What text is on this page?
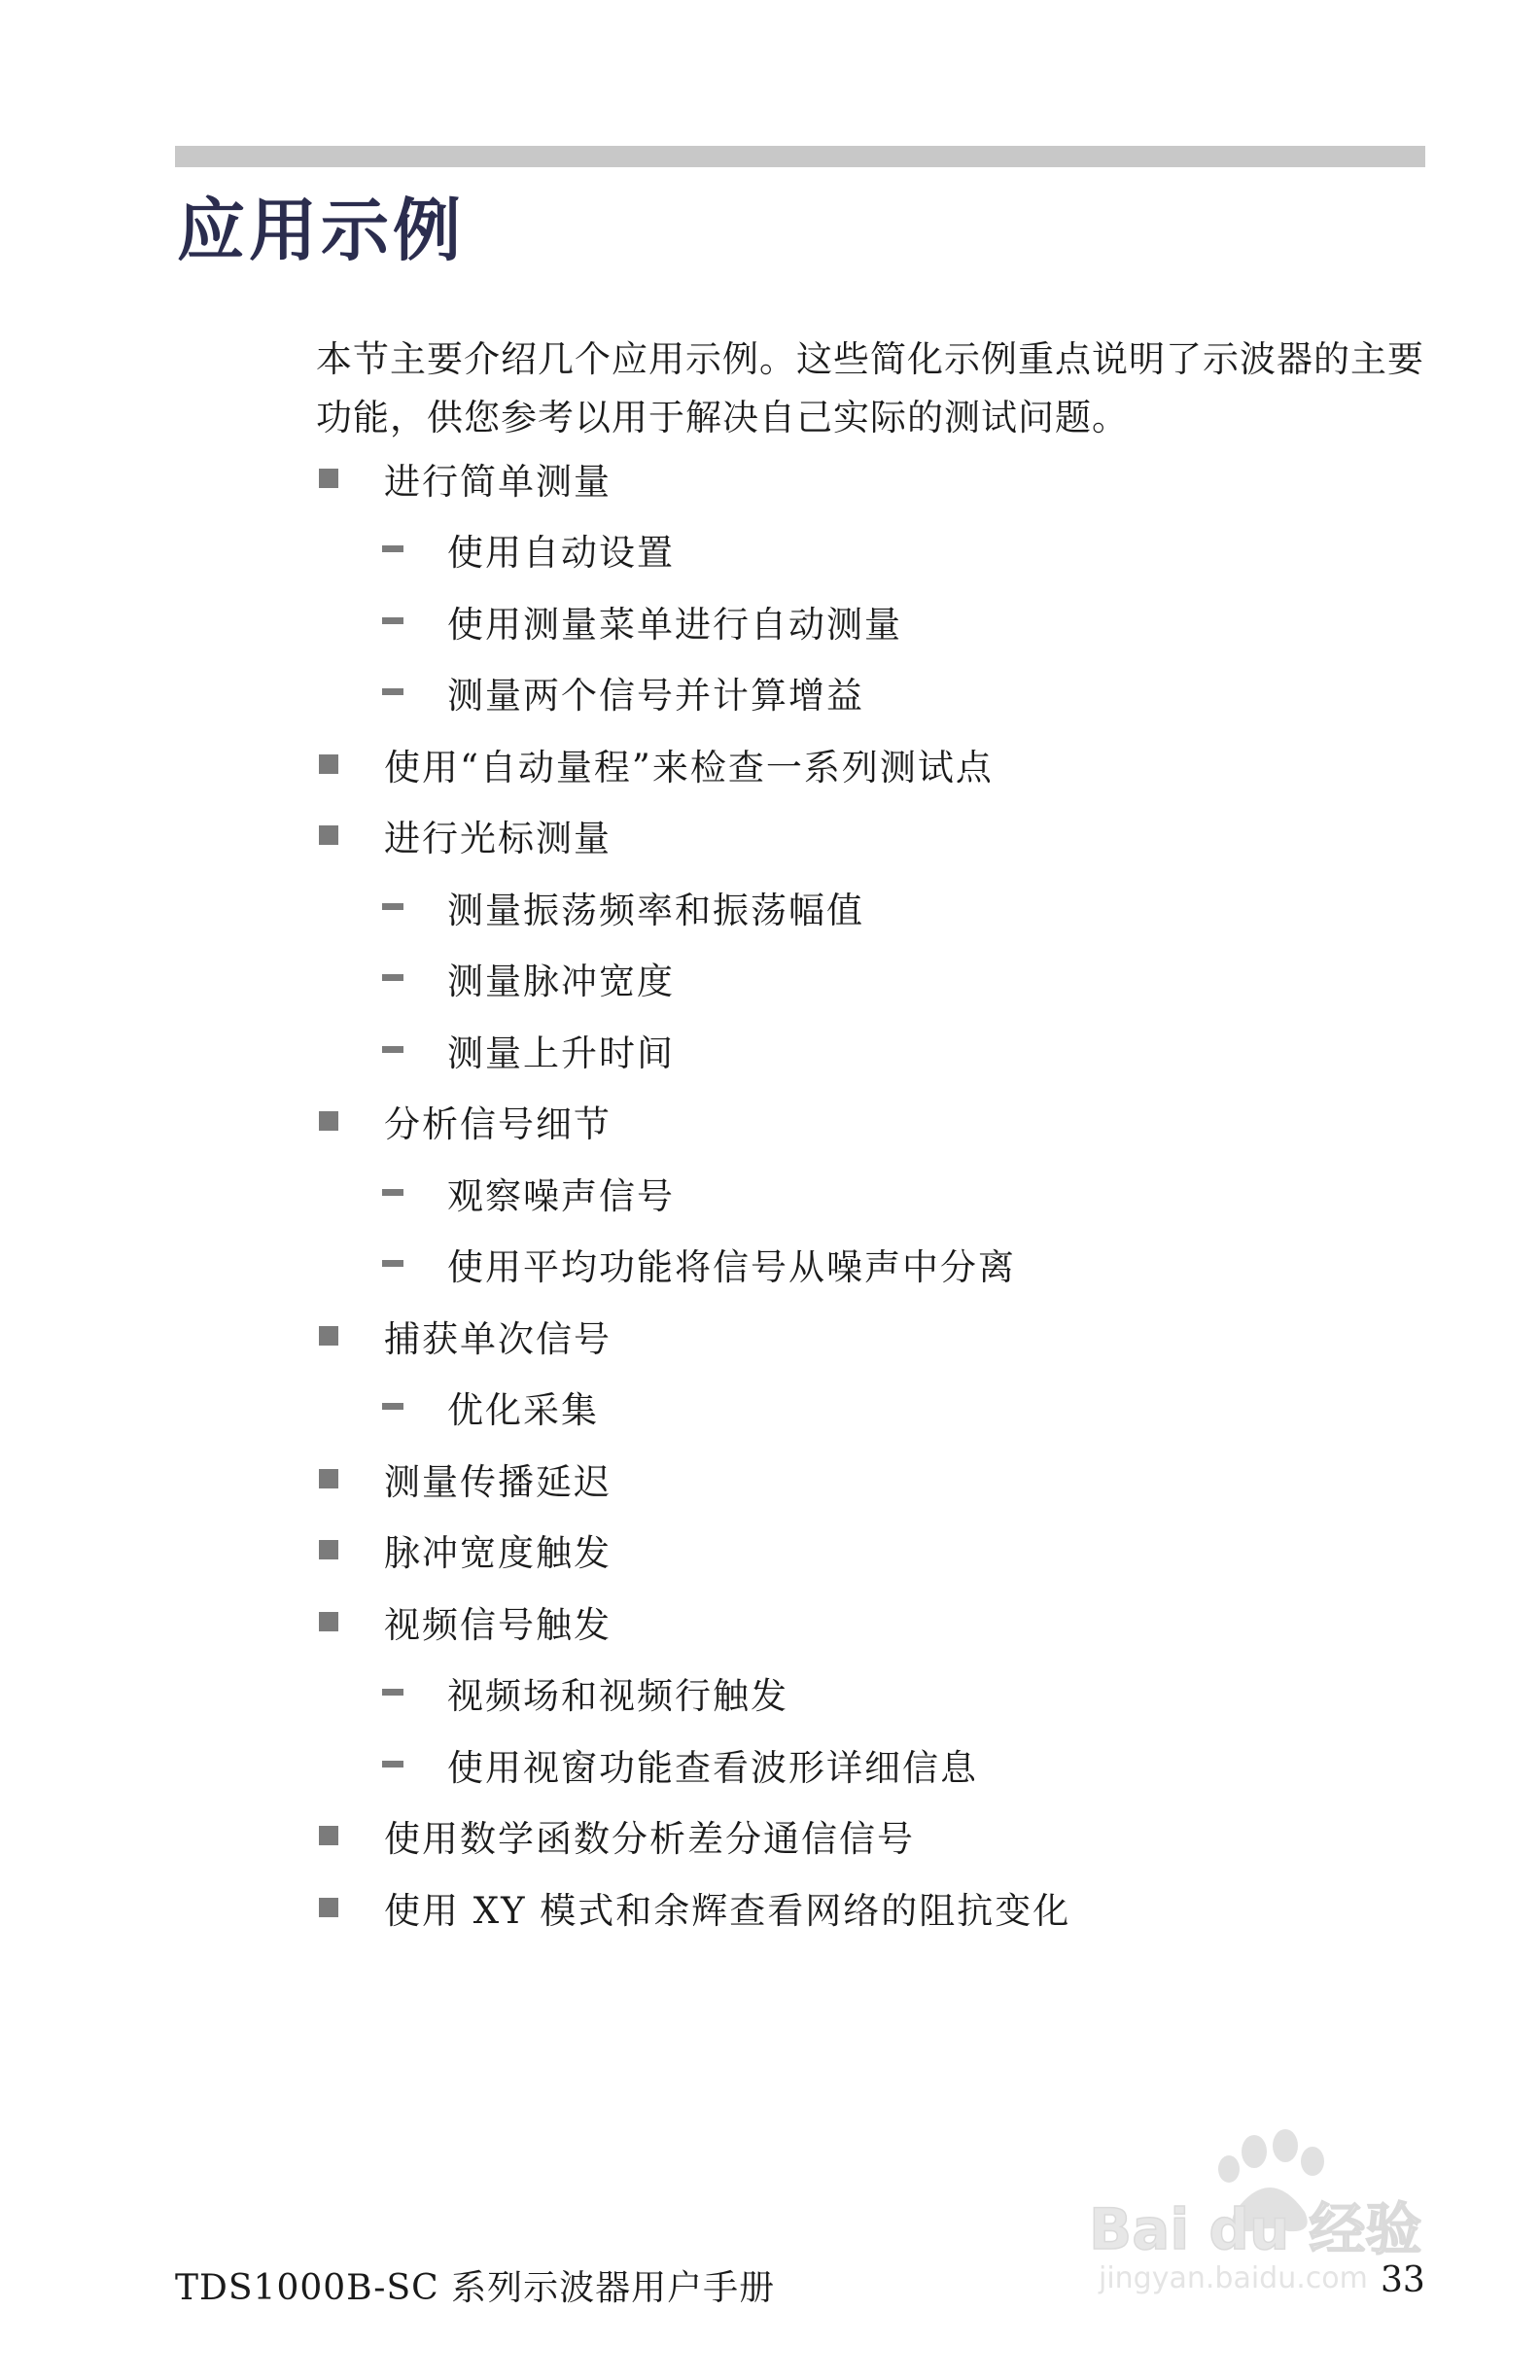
应用示例

本节主要介绍几个应用示例。这些简化示例重点说明了示波器的主要功能，供您参考以用于解决自己实际的测试问题。

进行简单测量
使用自动设置
使用测量菜单进行自动测量
测量两个信号并计算增益
使用“自动量程”来检查一系列测试点
进行光标测量
测量振荡频率和振荡幅值
测量脉冲宽度
测量上升时间
分析信号细节
观察噪声信号
使用平均功能将信号从噪声中分离
捕获单次信号
优化采集
测量传播延迟
脉冲宽度触发
视频信号触发
视频场和视频行触发
使用视窗功能查看波形详细信息
使用数学函数分析差分通信信号
使用 XY 模式和余辉查看网络的阻抗变化
Bai du 经验
jingyan.baidu.com
TDS1000B-SC 系列示波器用户手册	33
